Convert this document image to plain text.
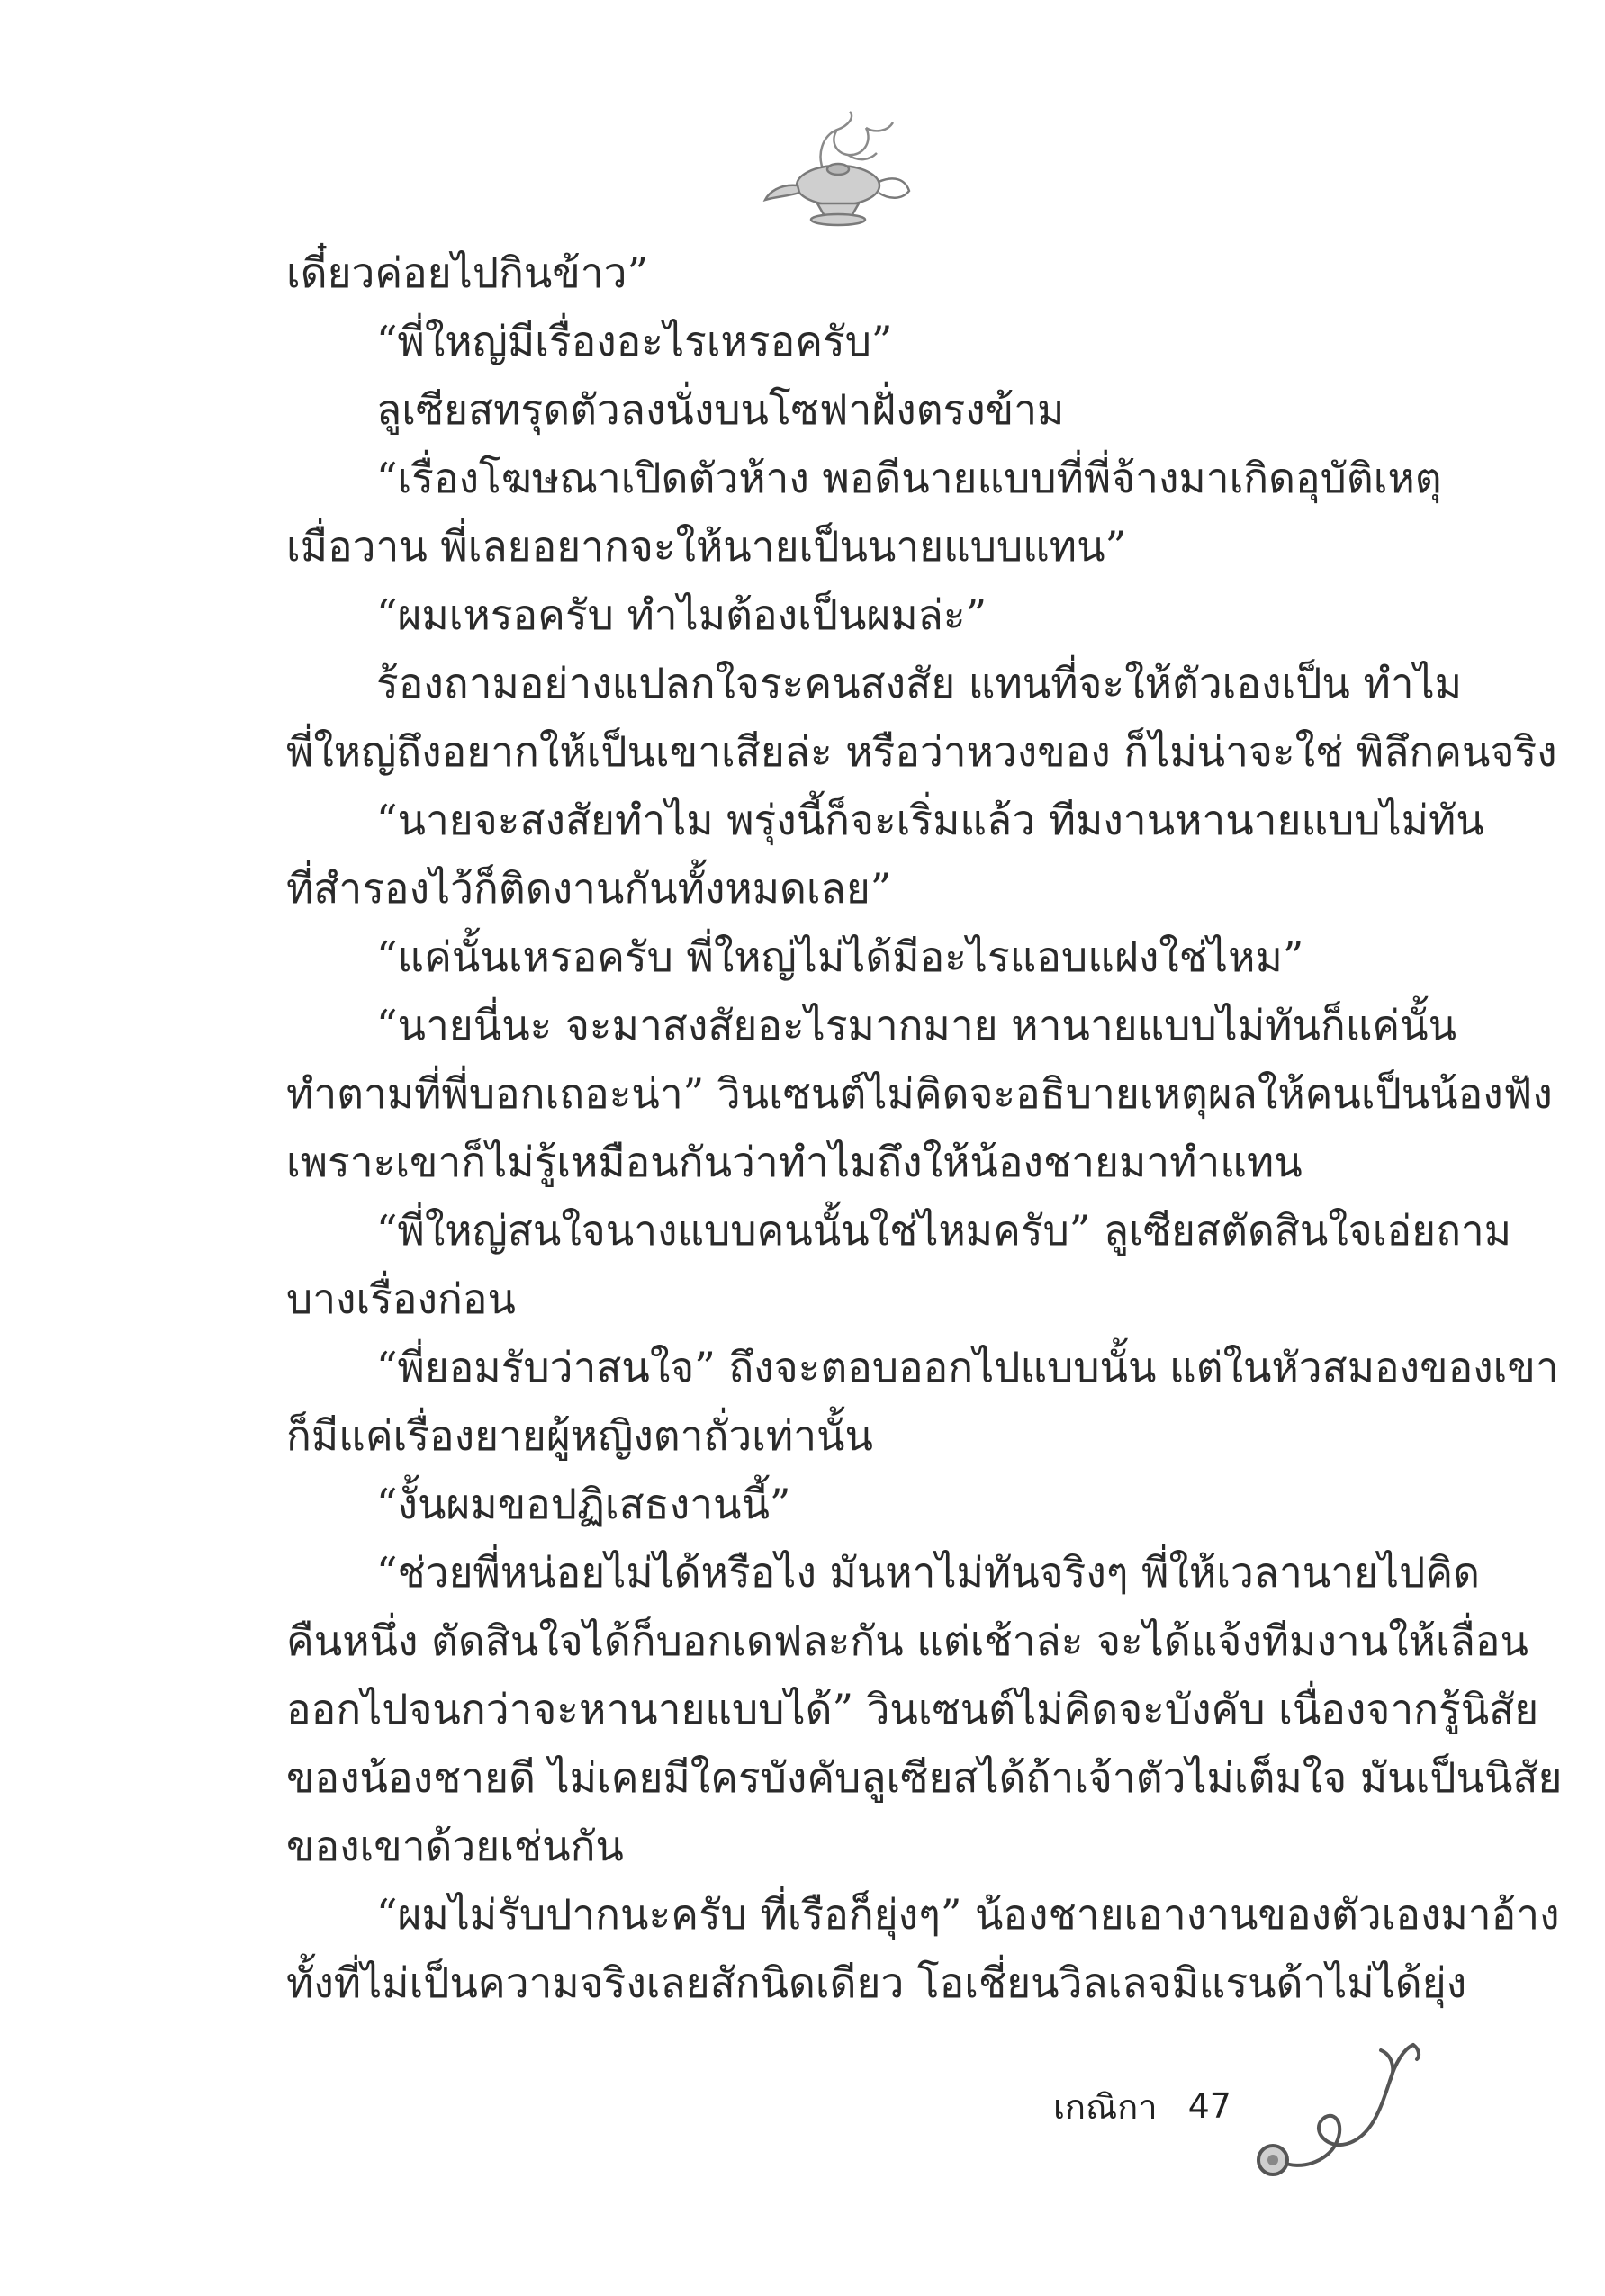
เดี๋ยวค่อยไปกินข้าว”
“พี่ใหญ่มีเรื่องอะไรเหรอครับ”
ลูเซียสทรุดตัวลงนั่งบนโซฟาฝั่งตรงข้าม
“เรื่องโฆษณาเปิดตัวห้าง พอดีนายแบบที่พี่จ้างมาเกิดอุบัติเหตุ
เมื่อวาน พี่เลยอยากจะให้นายเป็นนายแบบแทน”
“ผมเหรอครับ ทำไมต้องเป็นผมล่ะ”
ร้องถามอย่างแปลกใจระคนสงสัย แทนที่จะให้ตัวเองเป็น ทำไม
พี่ใหญ่ถึงอยากให้เป็นเขาเสียล่ะ หรือว่าหวงของ ก็ไม่น่าจะใช่ พิลึกคนจริง
“นายจะสงสัยทำไม พรุ่งนี้ก็จะเริ่มแล้ว ทีมงานหานายแบบไม่ทัน
ที่สำรองไว้ก็ติดงานกันทั้งหมดเลย”
“แค่นั้นเหรอครับ พี่ใหญ่ไม่ได้มีอะไรแอบแฝงใช่ไหม”
“นายนี่นะ จะมาสงสัยอะไรมากมาย หานายแบบไม่ทันก็แค่นั้น
ทำตามที่พี่บอกเถอะน่า” วินเซนต์ไม่คิดจะอธิบายเหตุผลให้คนเป็นน้องฟัง
เพราะเขาก็ไม่รู้เหมือนกันว่าทำไมถึงให้น้องชายมาทำแทน
“พี่ใหญ่สนใจนางแบบคนนั้นใช่ไหมครับ” ลูเซียสตัดสินใจเอ่ยถาม
บางเรื่องก่อน
“พี่ยอมรับว่าสนใจ” ถึงจะตอบออกไปแบบนั้น แต่ในหัวสมองของเขา
ก็มีแค่เรื่องยายผู้หญิงตาถั่วเท่านั้น
“งั้นผมขอปฏิเสธงานนี้”
“ช่วยพี่หน่อยไม่ได้หรือไง มันหาไม่ทันจริงๆ พี่ให้เวลานายไปคิด
คืนหนึ่ง ตัดสินใจได้ก็บอกเดฟละกัน แต่เช้าล่ะ จะได้แจ้งทีมงานให้เลื่อน
ออกไปจนกว่าจะหานายแบบได้” วินเซนต์ไม่คิดจะบังคับ เนื่องจากรู้นิสัย
ของน้องชายดี ไม่เคยมีใครบังคับลูเซียสได้ถ้าเจ้าตัวไม่เต็มใจ มันเป็นนิสัย
ของเขาด้วยเช่นกัน
“ผมไม่รับปากนะครับ ที่เรือก็ยุ่งๆ” น้องชายเอางานของตัวเองมาอ้าง
ทั้งที่ไม่เป็นความจริงเลยสักนิดเดียว โอเชี่ยนวิลเลจมิแรนด้าไม่ได้ยุ่ง
เกณิกา 47
